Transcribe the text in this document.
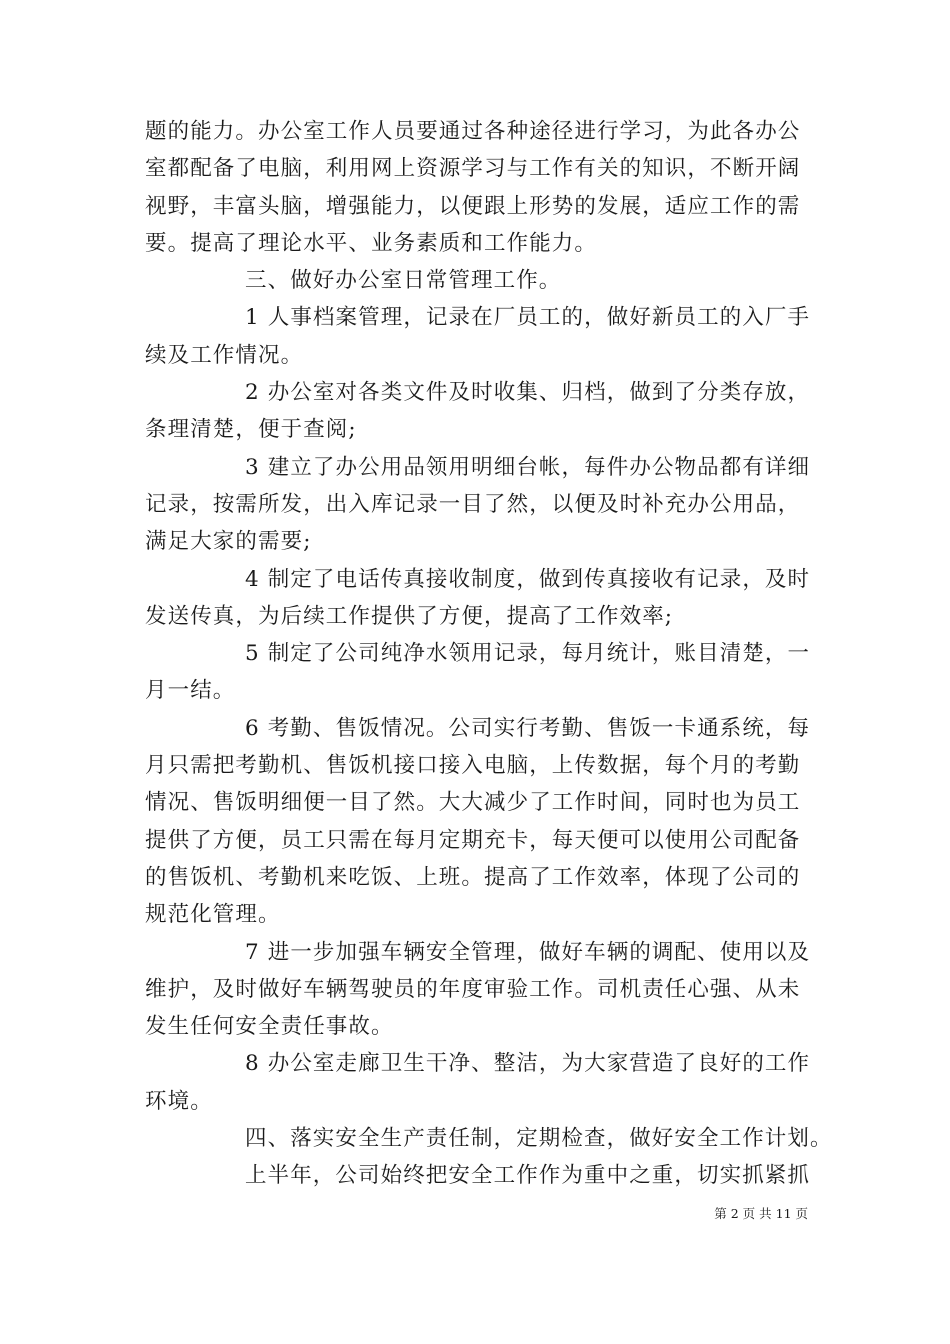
题的能力。办公室工作人员要通过各种途径进行学习，为此各办公
室都配备了电脑，利用网上资源学习与工作有关的知识，不断开阔
视野，丰富头脑，增强能力，以便跟上形势的发展，适应工作的需
要。提高了理论水平、业务素质和工作能力。
三、做好办公室日常管理工作。
1 人事档案管理，记录在厂员工的，做好新员工的入厂手
续及工作情况。
2 办公室对各类文件及时收集、归档，做到了分类存放，
条理清楚，便于查阅;
3 建立了办公用品领用明细台帐，每件办公物品都有详细
记录，按需所发，出入库记录一目了然，以便及时补充办公用品，
满足大家的需要;
4 制定了电话传真接收制度，做到传真接收有记录，及时
发送传真，为后续工作提供了方便，提高了工作效率;
5 制定了公司纯净水领用记录，每月统计，账目清楚，一
月一结。
6 考勤、售饭情况。公司实行考勤、售饭一卡通系统，每
月只需把考勤机、售饭机接口接入电脑，上传数据，每个月的考勤
情况、售饭明细便一目了然。大大减少了工作时间，同时也为员工
提供了方便，员工只需在每月定期充卡，每天便可以使用公司配备
的售饭机、考勤机来吃饭、上班。提高了工作效率，体现了公司的
规范化管理。
7 进一步加强车辆安全管理，做好车辆的调配、使用以及
维护，及时做好车辆驾驶员的年度审验工作。司机责任心强、从未
发生任何安全责任事故。
8 办公室走廊卫生干净、整洁，为大家营造了良好的工作
环境。
四、落实安全生产责任制，定期检查，做好安全工作计划。
上半年，公司始终把安全工作作为重中之重，切实抓紧抓
第 2 页 共 11 页
